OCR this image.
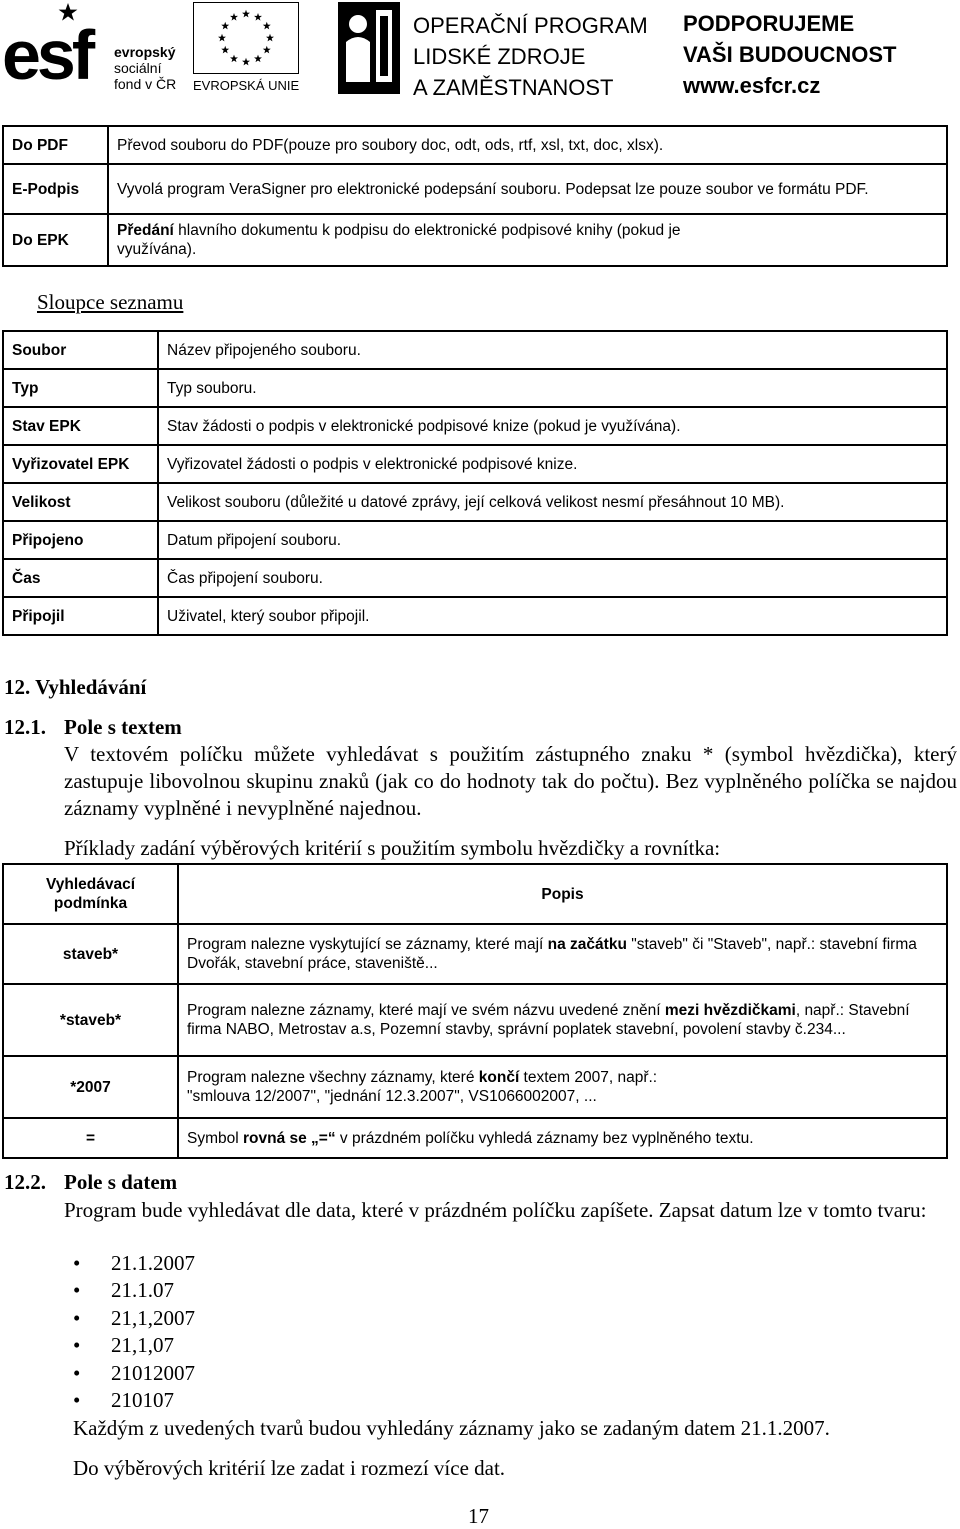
esf evropský
sociální
fond v ČR EVROPSKÁ UNIE
OPERAČNÍ PROGRAM
LIDSKÉ ZDROJE
A ZAMĚSTNANOST
PODPORUJEME
VAŠI BUDOUCNOST
www.esfcr.cz
Do PDF	Převod souboru do PDF(pouze pro soubory doc, odt, ods, rtf, xsl, txt, doc, xlsx).
E-Podpis	Vyvolá program VeraSigner pro elektronické podepsání souboru. Podepsat lze pouze soubor ve formátu PDF.
Do EPK	Předání hlavního dokumentu k podpisu do elektronické podpisové knihy (pokud je využívána).
Sloupce seznamu
Soubor	Název připojeného souboru.
Typ	Typ souboru.
Stav EPK	Stav žádosti o podpis v elektronické podpisové knize (pokud je využívána).
Vyřizovatel EPK	Vyřizovatel žádosti o podpis v elektronické podpisové knize.
Velikost	Velikost souboru (důležité u datové zprávy, její celková velikost nesmí přesáhnout 10 MB).
Připojeno	Datum připojení souboru.
Čas	Čas připojení souboru.
Připojil	Uživatel, který soubor připojil.
12. Vyhledávání
12.1. Pole s textem
V textovém políčku můžete vyhledávat s použitím zástupného znaku * (symbol hvězdička), který zastupuje libovolnou skupinu znaků (jak co do hodnoty tak do počtu). Bez vyplněného políčka se najdou záznamy vyplněné i nevyplněné najednou.
Příklady zadání výběrových kritérií s použitím symbolu hvězdičky a rovnítka:
Vyhledávací podmínka	Popis
staveb*	Program nalezne vyskytující se záznamy, které mají na začátku "staveb" či "Staveb", např.: stavební firma Dvořák, stavební práce, staveniště...
*staveb*	Program nalezne záznamy, které mají ve svém názvu uvedené znění mezi hvězdičkami, např.: Stavební firma NABO, Metrostav a.s, Pozemní stavby, správní poplatek stavební, povolení stavby č.234...
*2007	Program nalezne všechny záznamy, které končí textem 2007, např.: "smlouva 12/2007", "jednání 12.3.2007", VS1066002007, ...
=	Symbol rovná se „=“ v prázdném políčku vyhledá záznamy bez vyplněného textu.
12.2. Pole s datem
Program bude vyhledávat dle data, které v prázdném políčku zapíšete. Zapsat datum lze v tomto tvaru:
• 21.1.2007
• 21.1.07
• 21,1,2007
• 21,1,07
• 21012007
• 210107
Každým z uvedených tvarů budou vyhledány záznamy jako se zadaným datem 21.1.2007.
Do výběrových kritérií lze zadat i rozmezí více dat.
17
